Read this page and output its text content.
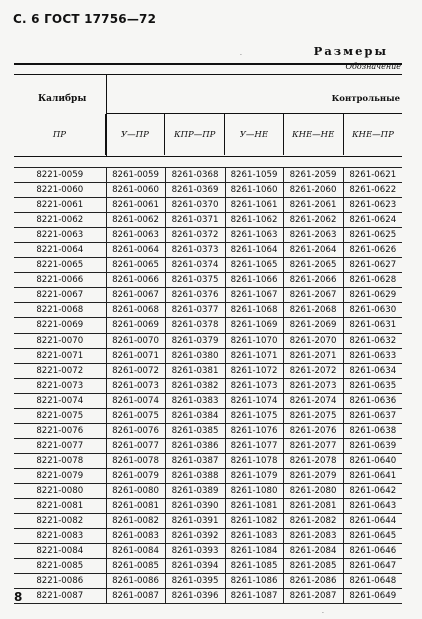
С. 6 ГОСТ 17756—72
Размеры
Обозначение
Калибры	Контрольные
ПР	У—ПР	КПР—ПР	У—НЕ	КНЕ—НЕ	КНЕ—ПР
8221-0059	8261-0059	8261-0368	8261-1059	8261-2059	8261-0621
8221-0060	8261-0060	8261-0369	8261-1060	8261-2060	8261-0622
8221-0061	8261-0061	8261-0370	8261-1061	8261-2061	8261-0623
8221-0062	8261-0062	8261-0371	8261-1062	8261-2062	8261-0624
8221-0063	8261-0063	8261-0372	8261-1063	8261-2063	8261-0625
8221-0064	8261-0064	8261-0373	8261-1064	8261-2064	8261-0626
8221-0065	8261-0065	8261-0374	8261-1065	8261-2065	8261-0627
8221-0066	8261-0066	8261-0375	8261-1066	8261-2066	8261-0628
8221-0067	8261-0067	8261-0376	8261-1067	8261-2067	8261-0629
8221-0068	8261-0068	8261-0377	8261-1068	8261-2068	8261-0630
8221-0069	8261-0069	8261-0378	8261-1069	8261-2069	8261-0631
8221-0070	8261-0070	8261-0379	8261-1070	8261-2070	8261-0632
8221-0071	8261-0071	8261-0380	8261-1071	8261-2071	8261-0633
8221-0072	8261-0072	8261-0381	8261-1072	8261-2072	8261-0634
8221-0073	8261-0073	8261-0382	8261-1073	8261-2073	8261-0635
8221-0074	8261-0074	8261-0383	8261-1074	8261-2074	8261-0636
8221-0075	8261-0075	8261-0384	8261-1075	8261-2075	8261-0637
8221-0076	8261-0076	8261-0385	8261-1076	8261-2076	8261-0638
8221-0077	8261-0077	8261-0386	8261-1077	8261-2077	8261-0639
8221-0078	8261-0078	8261-0387	8261-1078	8261-2078	8261-0640
8221-0079	8261-0079	8261-0388	8261-1079	8261-2079	8261-0641
8221-0080	8261-0080	8261-0389	8261-1080	8261-2080	8261-0642
8221-0081	8261-0081	8261-0390	8261-1081	8261-2081	8261-0643
8221-0082	8261-0082	8261-0391	8261-1082	8261-2082	8261-0644
8221-0083	8261-0083	8261-0392	8261-1083	8261-2083	8261-0645
8221-0084	8261-0084	8261-0393	8261-1084	8261-2084	8261-0646
8221-0085	8261-0085	8261-0394	8261-1085	8261-2085	8261-0647
8221-0086	8261-0086	8261-0395	8261-1086	8261-2086	8261-0648
8221-0087	8261-0087	8261-0396	8261-1087	8261-2087	8261-0649
8
·
·
